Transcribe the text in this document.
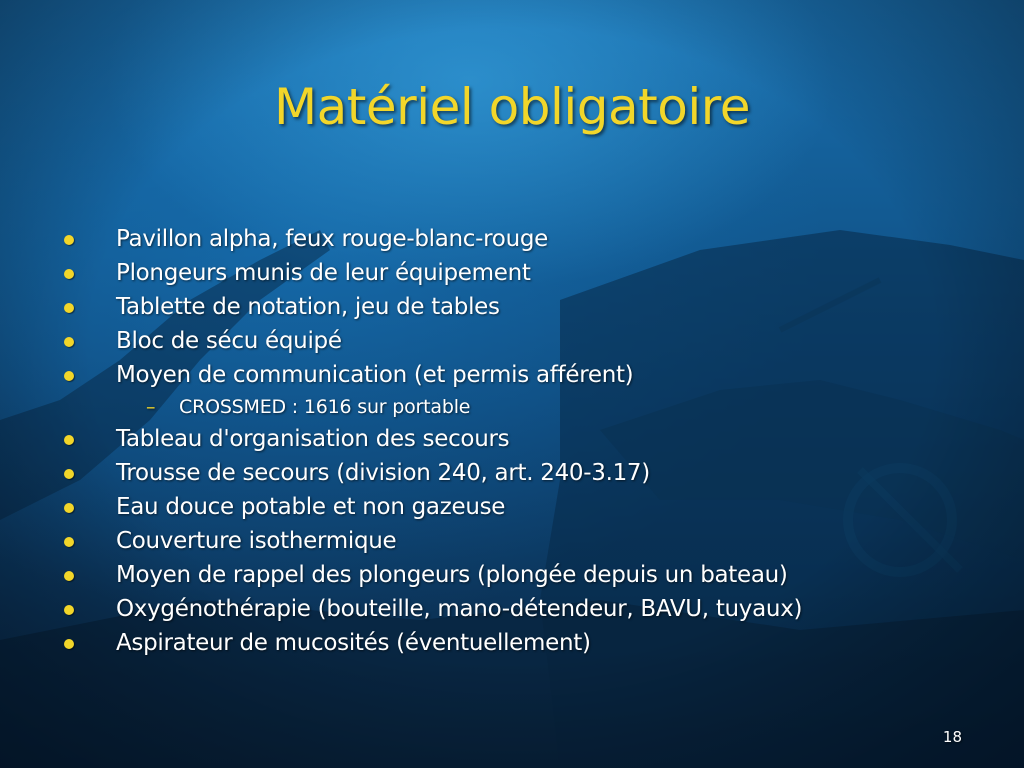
Matériel obligatoire
Pavillon alpha, feux rouge-blanc-rouge
Plongeurs munis de leur équipement
Tablette de notation, jeu de tables
Bloc de sécu équipé
Moyen de communication (et permis afférent)
– CROSSMED : 1616 sur portable
Tableau d'organisation des secours
Trousse de secours (division 240, art. 240-3.17)
Eau douce potable et non gazeuse
Couverture isothermique
Moyen de rappel des plongeurs (plongée depuis un bateau)
Oxygénothérapie (bouteille, mano-détendeur, BAVU, tuyaux)
Aspirateur de mucosités (éventuellement)
18
